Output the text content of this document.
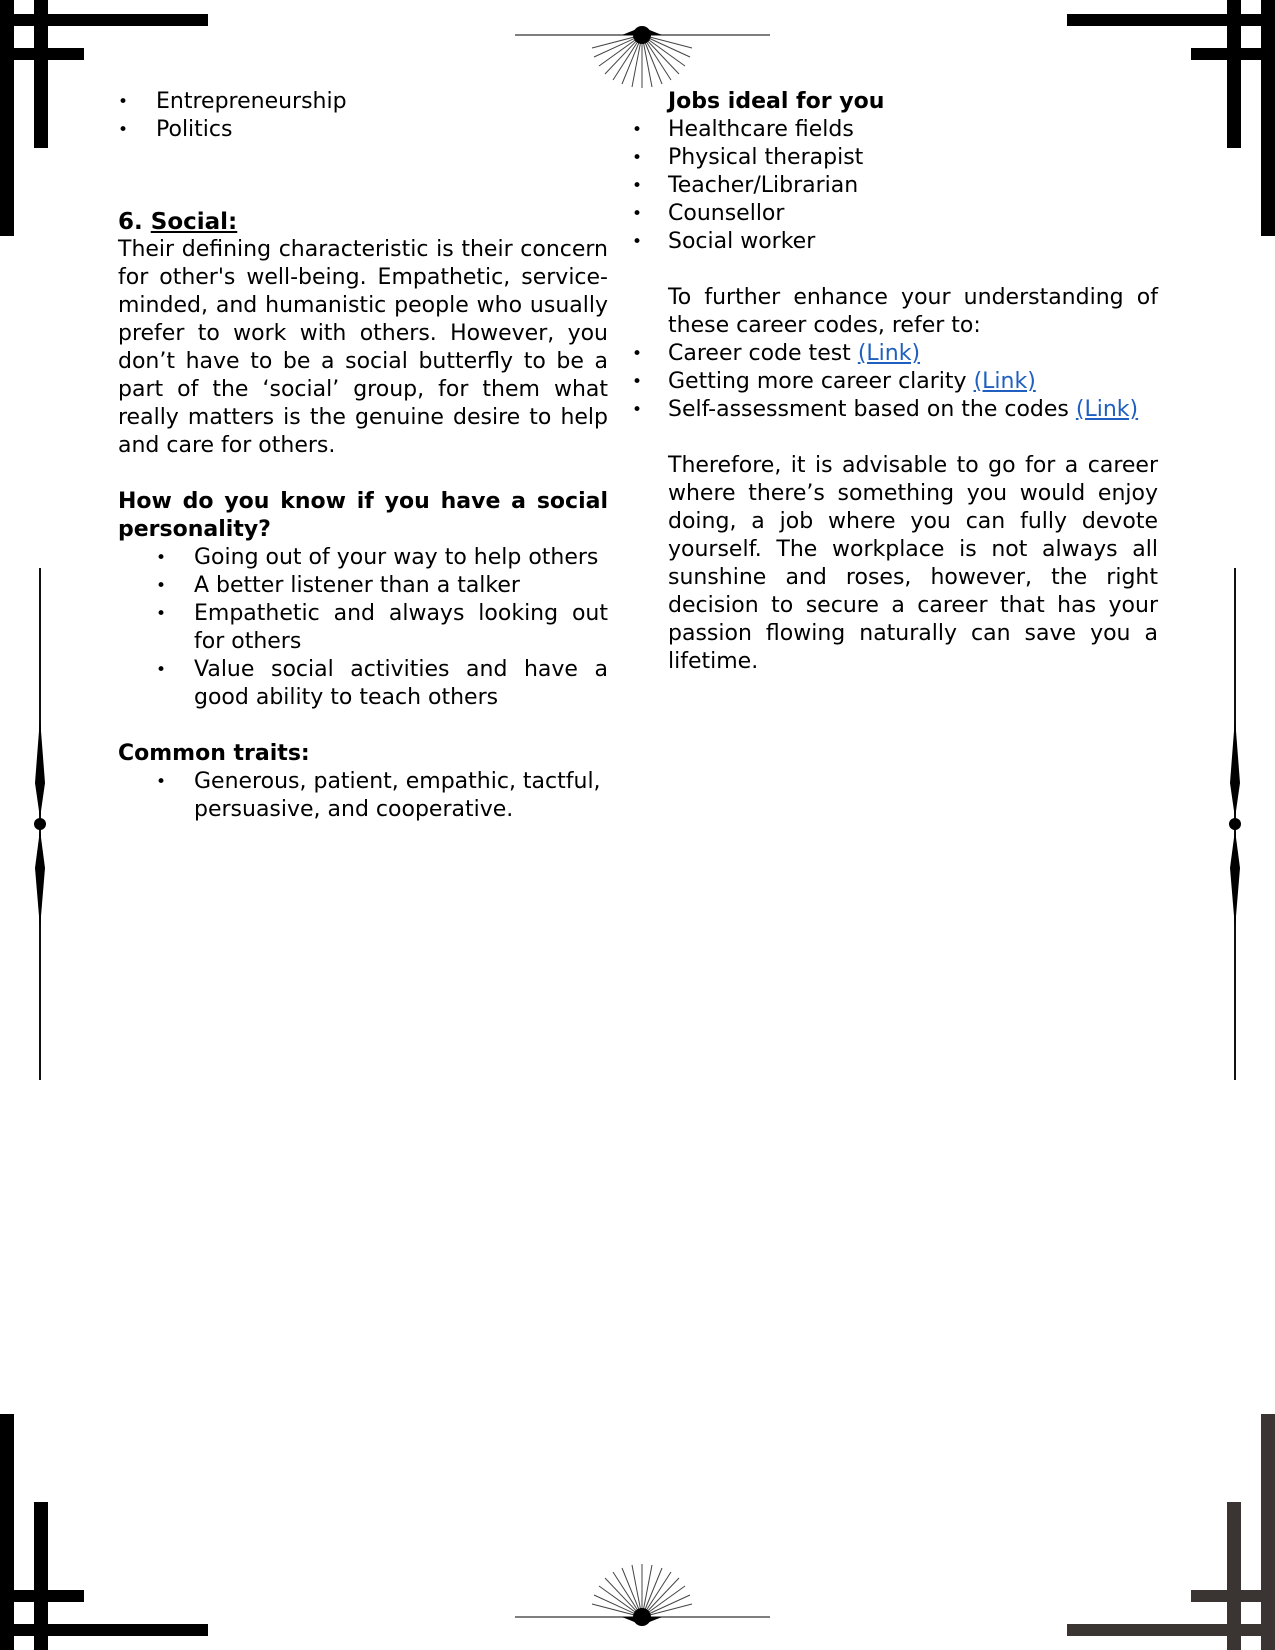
• Entrepreneurship
• Politics
6. Social:

Their defining characteristic is their concern for other's well-being. Empathetic, service-minded, and humanistic people who usually prefer to work with others. However, you don’t have to be a social butterfly to be a part of the ‘social’ group, for them what really matters is the genuine desire to help and care for others.

How do you know if you have a social personality?

• Going out of your way to help others
• A better listener than a talker
• Empathetic and always looking out for others
• Value social activities and have a good ability to teach others

Common traits:

• Generous, patient, empathic, tactful, persuasive, and cooperative.

Jobs ideal for you

• Healthcare fields
• Physical therapist
• Teacher/Librarian
• Counsellor
• Social worker

To further enhance your understanding of these career codes, refer to:

• Career code test (Link)
• Getting more career clarity (Link)
• Self-assessment based on the codes (Link)

Therefore, it is advisable to go for a career where there’s something you would enjoy doing, a job where you can fully devote yourself. The workplace is not always all sunshine and roses, however, the right decision to secure a career that has your passion flowing naturally can save you a lifetime.
